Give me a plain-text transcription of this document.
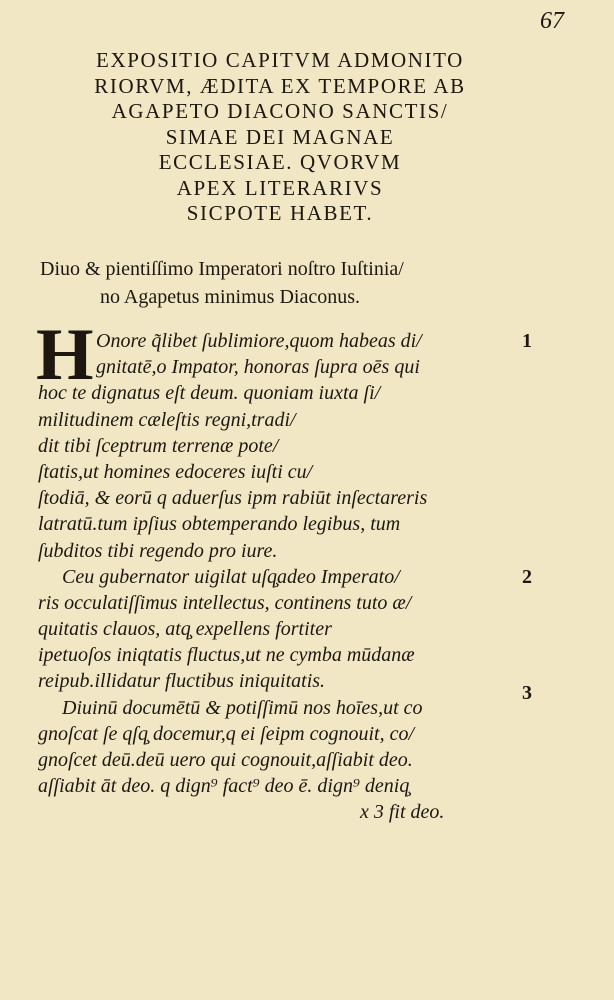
67
EXPOSITIO CAPITVM ADMONITO
RIORVM, ÆDITA EX TEMPORE AB
AGAPETO DIACONO SANCTIS/
SIMAE DEI MAGNAE
ECCLESIAE. QVORVM
APEX LITERARIVS
SICPOTE HABET.
Diuo & pientiſſimo Imperatori noſtro Iuſtinia/
no Agapetus minimus Diaconus.
H Onore q̃libet ſublimiore,quom habeas di/
gnitatē,o Impator, honoras ſupra oēs qui
hoc te dignatus eſt deum. quoniam iuxta ſi/
militudinem cæleſtis regni,tradi/
dit tibi ſceptrum terrenæ pote/
ſtatis,ut homines edoceres iuſti cu/
ſtodiā, & eorū q aduerſus ipm rabiūt inſectareris
latratū.tum ipſius obtemperando legibus, tum
ſubditos tibi regendo pro iure.
Ceu gubernator uigilat uſq̧adeo Imperato/
ris occulatiſſimus intellectus, continens tuto æ/
quitatis clauos, atq̧ expellens fortiter
ipetuoſos iniqtatis fluctus,ut ne cymba mūdanæ
reipub.illidatur fluctibus iniquitatis.
Diuinū documētū & potiſſimū nos hoīes,ut co
gnoſcat ſe qſq̧ docemur,q ei ſeipm cognouit, co/
gnoſcet deū.deū uero qui cognouit,aſſiabit deo.
aſſiabit āt deo. q dign⁹ fact⁹ deo ē. dign⁹ deniq̧
x 3 fit deo.
1
2
3
